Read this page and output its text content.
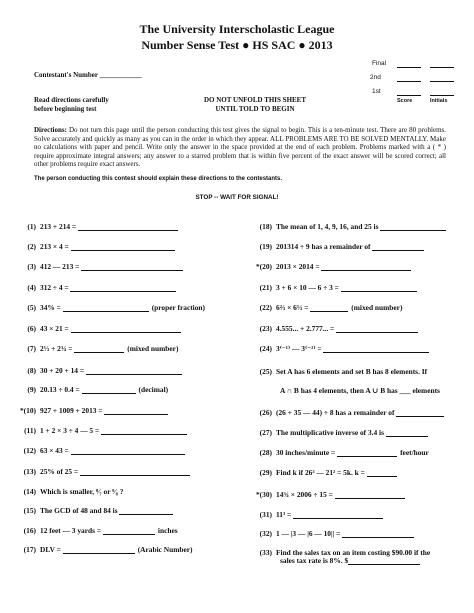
The University Interscholastic League
Number Sense Test ● HS SAC ● 2013
Final
2nd
1st
Score	Initials
Contestant's Number ____________
Read directions carefully
before beginning test
DO NOT UNFOLD THIS SHEET
UNTIL TOLD TO BEGIN
Directions: Do not turn this page until the person conducting this test gives the signal to begin. This is a ten-minute test. There are 80 problems. Solve accurately and quickly as many as you can in the order in which they appear. ALL PROBLEMS ARE TO BE SOLVED MENTALLY. Make no calculations with paper and pencil. Write only the answer in the space provided at the end of each problem. Problems marked with a ( * ) require approximate integral answers; any answer to a starred problem that is within five percent of the exact answer will be scored correct; all other problems require exact answers.
The person conducting this contest should explain these directions to the contestants.
STOP -- WAIT FOR SIGNAL!
(1) 213 + 214 =
(2) 213 × 4 =
(3) 412 — 213 =
(4) 312 ÷ 4 =
(5) 34% =	(proper fraction)
(6) 43 × 21 =
(7) 2⅓ + 2¾ =	(mixed number)
(8) 30 + 20 + 14 =
(9) 20.13 ÷ 0.4 =	(decimal)
*(10) 927 + 1009 + 2013 =
(11) 1 + 2 × 3 ÷ 4 — 5 =
(12) 63 × 43 =
(13) 25% of 25 =
(14) Which is smaller, ⁸⁄₇ or ⁹⁄₈ ?
(15) The GCD of 48 and 84 is
(16) 12 feet — 3 yards =	inches
(17) DLV =	(Arabic Number)
(18) The mean of 1, 4, 9, 16, and 25 is
(19) 201314 ÷ 9 has a remainder of
*(20) 2013 × 2014 =
(21) 3 + 6 × 10 — 6 ÷ 3 =
(22) 6⅔ × 6⅓ =	(mixed number)
(23) 4.555... + 2.777... =
(24) 3⁽⁻¹⁾ — 3⁽⁻²⁾ =
(25) Set A has 6 elements and set B has 8 elements. If
(26) (26 + 35 — 44) ÷ 8 has a remainder of
(27) The multiplicative inverse of 3.4 is
(28) 30 inches/minute =	feet/hour
(29) Find k if 26² — 21² = 5k. k =
*(30) 14¾ × 2006 ÷ 15 =
(31) 11³ =
(32) 1 — |3 — |6 — 10|| =
(33) Find the sales tax on an item costing $90.00 if the
A ∩ B has 4 elements, then A ∪ B has ___ elements
sales tax rate is 8%. $
